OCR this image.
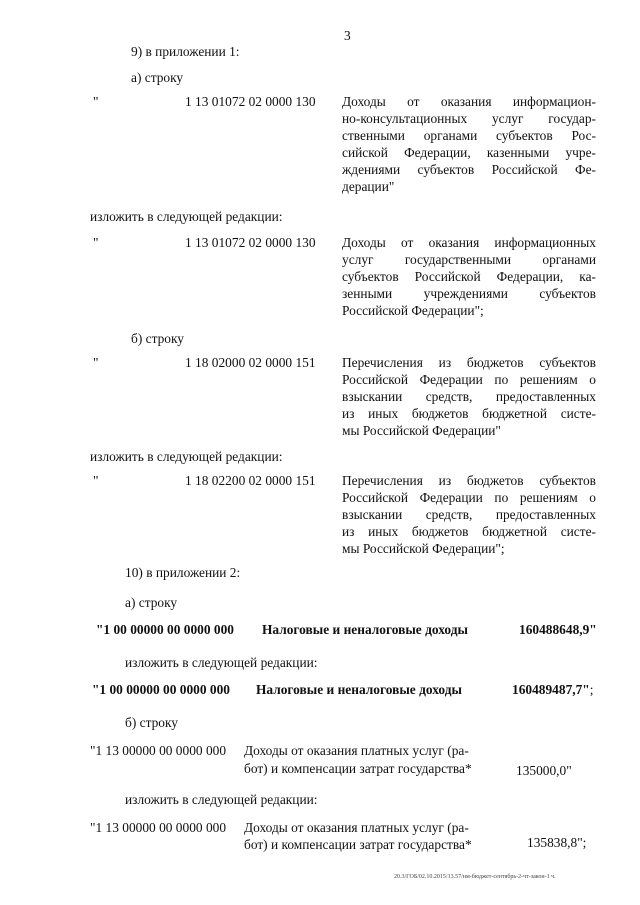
3
9) в приложении 1:
а) строку
"	1 13 01072 02 0000 130 Доходы от оказания информацион-
но-консультационных услуг государ-
ственными органами субъектов Рос-
сийской Федерации, казенными учре-
ждениями субъектов Российской Фе-
дерации"
изложить в следующей редакции:
"	1 13 01072 02 0000 130 Доходы от оказания информационных
услуг государственными органами
субъектов Российской Федерации, ка-
зенными учреждениями субъектов
Российской Федерации";
б) строку
"	1 18 02000 02 0000 151 Перечисления из бюджетов субъектов
Российской Федерации по решениям о
взыскании средств, предоставленных
из иных бюджетов бюджетной систе-
мы Российской Федерации"
изложить в следующей редакции:
"	1 18 02200 02 0000 151 Перечисления из бюджетов субъектов
Российской Федерации по решениям о
взыскании средств, предоставленных
из иных бюджетов бюджетной систе-
мы Российской Федерации";
10) в приложении 2:
а) строку
"1 00 00000 00 0000 000 Налоговые и неналоговые доходы	160488648,9"
изложить в следующей редакции:
"1 00 00000 00 0000 000 Налоговые и неналоговые доходы	160489487,7";
б) строку
"1 13 00000 00 0000 000 Доходы от оказания платных услуг (ра-
бот) и компенсации затрат государства*	135000,0"
изложить в следующей редакции:
"1 13 00000 00 0000 000 Доходы от оказания платных услуг (ра-
бот) и компенсации затрат государства*	135838,8";
20.3/ГОБ/02.10.2015/13.57/нм-бюджет-сентябрь-2-чт-закон-1 ч.
